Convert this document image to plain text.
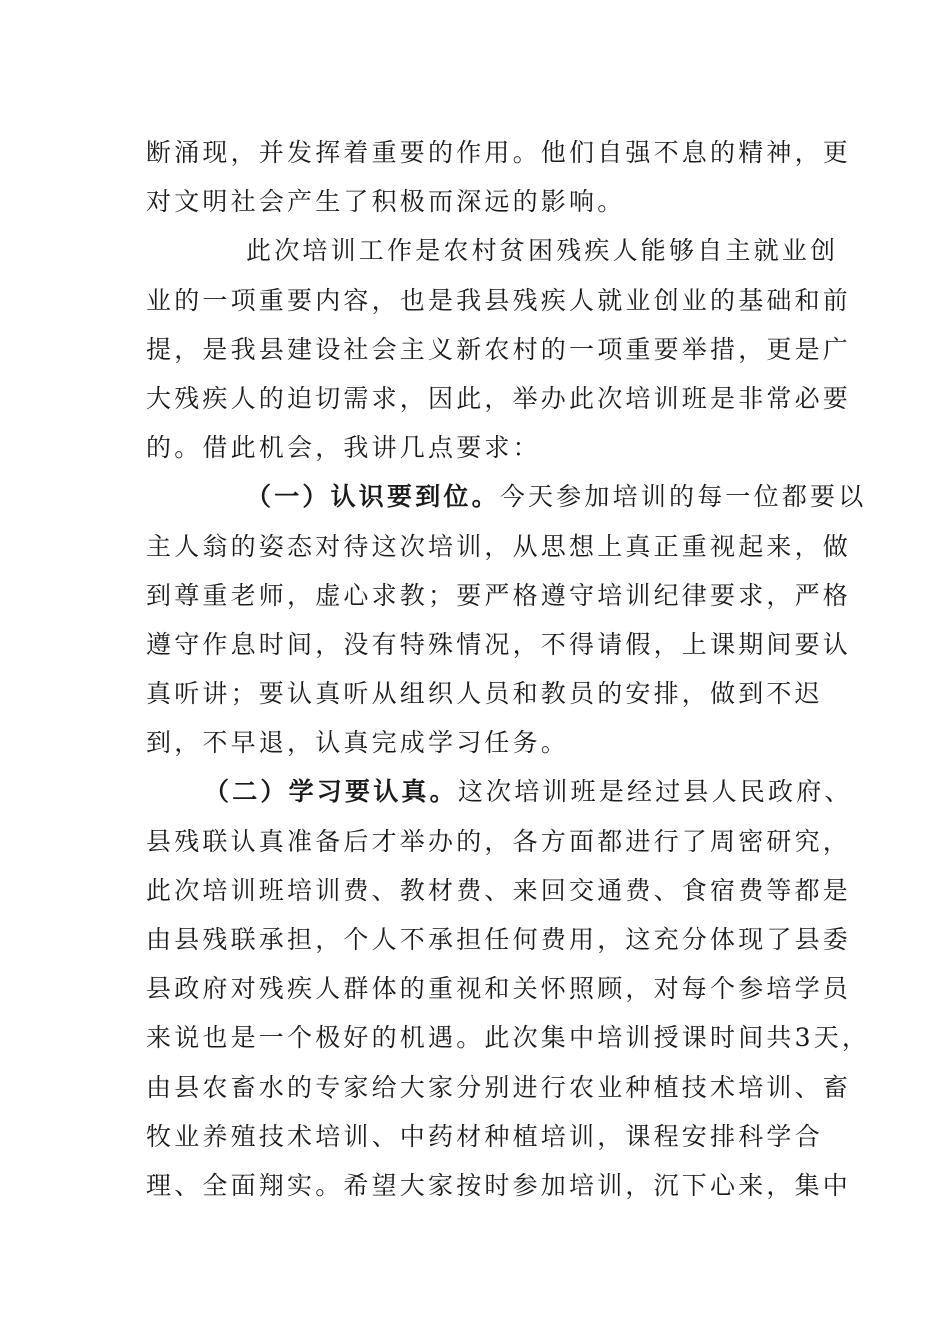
断涌现，并发挥着重要的作用。他们自强不息的精神，更
对文明社会产生了积极而深远的影响。
此次培训工作是农村贫困残疾人能够自主就业创
业的一项重要内容，也是我县残疾人就业创业的基础和前
提，是我县建设社会主义新农村的一项重要举措，更是广
大残疾人的迫切需求，因此，举办此次培训班是非常必要
的。借此机会，我讲几点要求：
（一）认识要到位。今天参加培训的每一位都要以
主人翁的姿态对待这次培训，从思想上真正重视起来，做
到尊重老师，虚心求教；要严格遵守培训纪律要求，严格
遵守作息时间，没有特殊情况，不得请假，上课期间要认
真听讲；要认真听从组织人员和教员的安排，做到不迟
到，不早退，认真完成学习任务。
（二）学习要认真。这次培训班是经过县人民政府、
县残联认真准备后才举办的，各方面都进行了周密研究，
此次培训班培训费、教材费、来回交通费、食宿费等都是
由县残联承担，个人不承担任何费用，这充分体现了县委
县政府对残疾人群体的重视和关怀照顾，对每个参培学员
来说也是一个极好的机遇。此次集中培训授课时间共3天，
由县农畜水的专家给大家分别进行农业种植技术培训、畜
牧业养殖技术培训、中药材种植培训，课程安排科学合
理、全面翔实。希望大家按时参加培训，沉下心来，集中
